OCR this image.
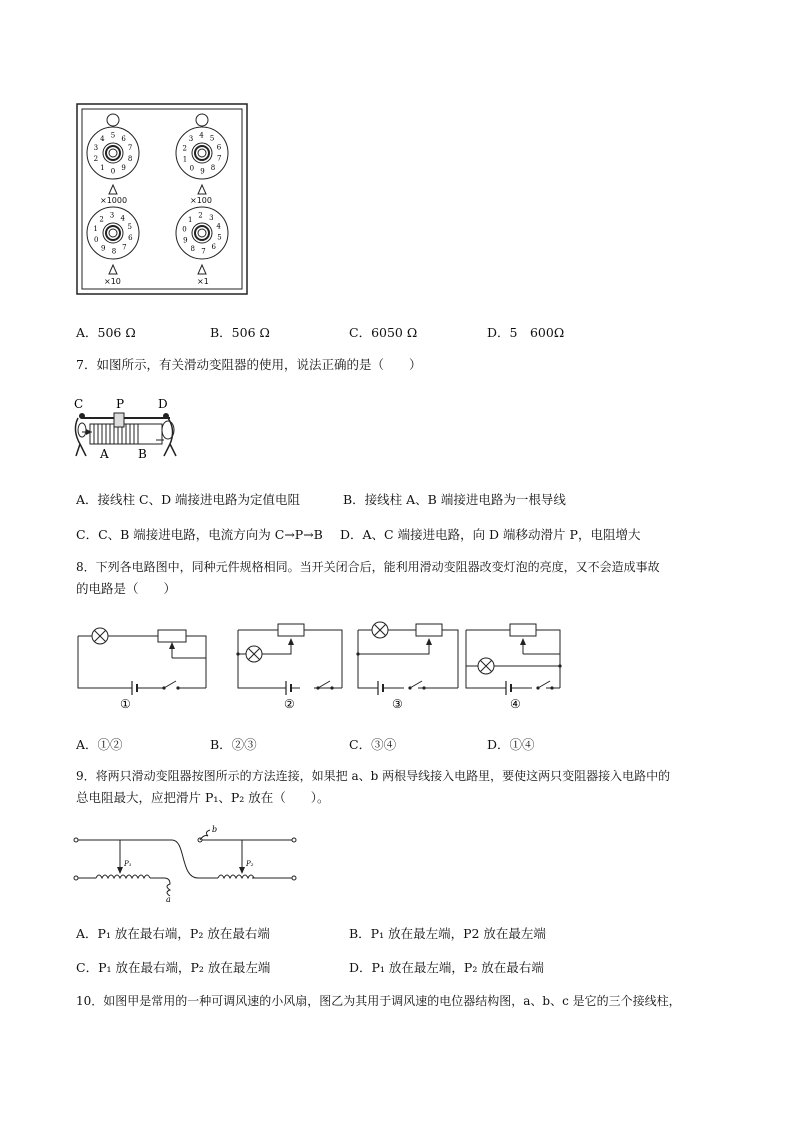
0
1
2
3
4 5 6
7
8
9	0
1
2
3 4 5
6
7
8
9
0
1
2
3 4
5
6
7
8
9
0
1
2 3
4
5
6
7
8
9
×1000	×100
×10	×1
A．506 Ω	B．506 Ω	C．6050 Ω	D．5　600Ω
7．如图所示，有关滑动变阻器的使用，说法正确的是（　　）
C	P	D
A B
A．接线柱 C、D 端接进电路为定值电阻	B．接线柱 A、B 端接进电路为一根导线
C．C、B 端接进电路，电流方向为 C→P→B D．A、C 端接进电路，向 D 端移动滑片 P，电阻增大
8．下列各电路图中，同种元件规格相同。当开关闭合后，能利用滑动变阻器改变灯泡的亮度，又不会造成事故
的电路是（　　）
①	②	③	④
A．①②	B．②③	C．③④	D．①④
9．将两只滑动变阻器按图所示的方法连接，如果把 a、b 两根导线接入电路里，要使这两只变阻器接入电路中的
总电阻最大，应把滑片 P₁、P₂ 放在（　　）。
a
b
P₁	P₂
A．P₁ 放在最右端，P₂ 放在最右端	B．P₁ 放在最左端，P2 放在最左端
C．P₁ 放在最右端，P₂ 放在最左端	D．P₁ 放在最左端，P₂ 放在最右端
10．如图甲是常用的一种可调风速的小风扇，图乙为其用于调风速的电位器结构图，a、b、c 是它的三个接线柱，
